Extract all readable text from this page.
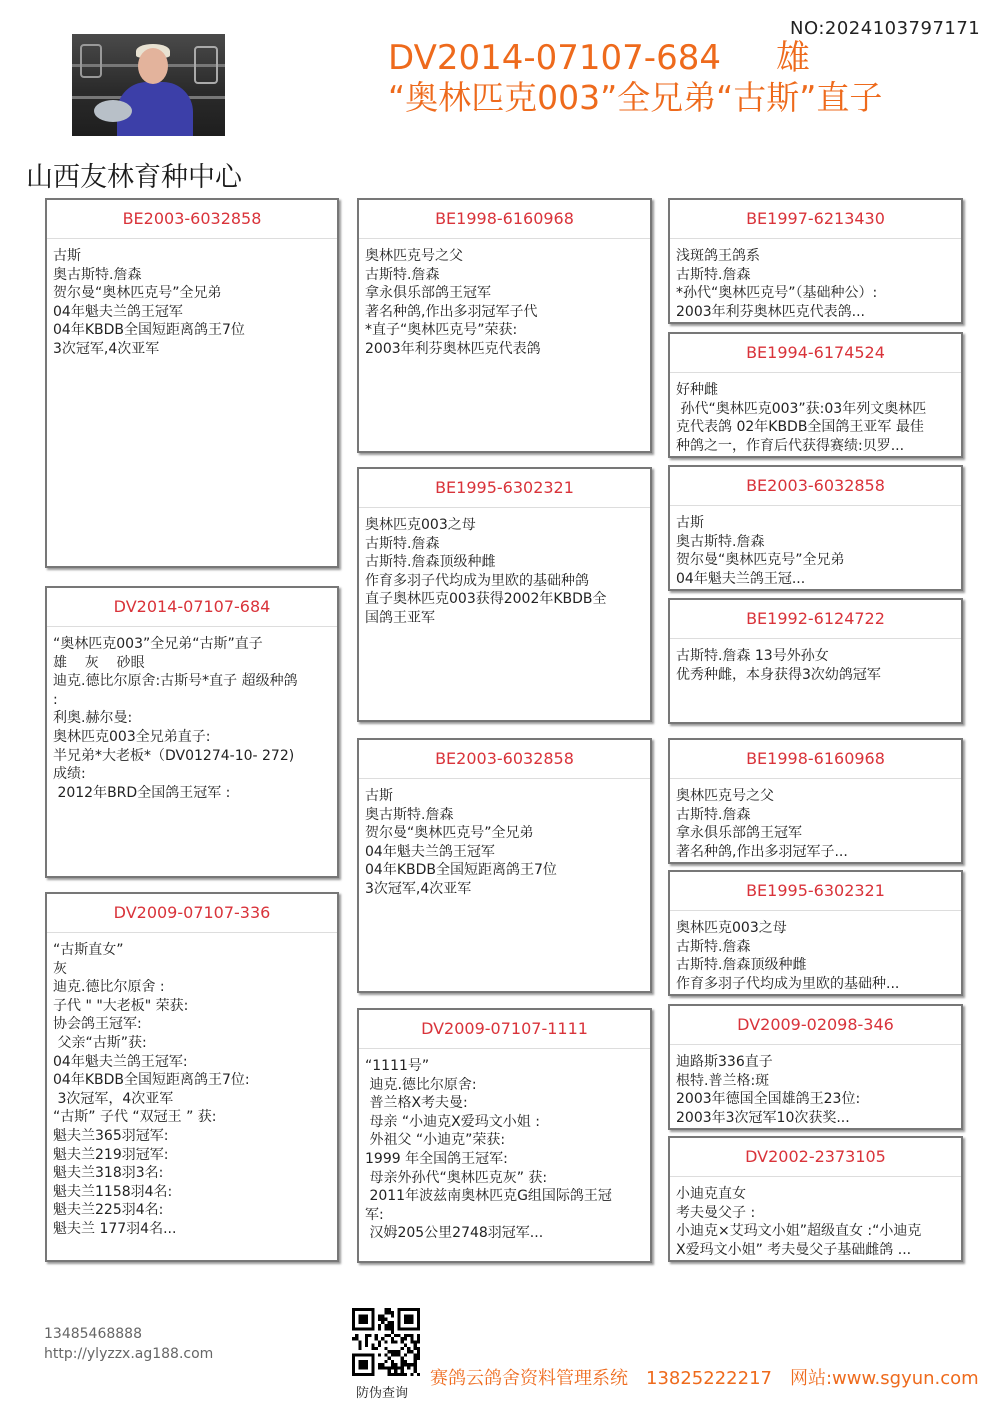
NO:2024103797171
DV2014-07107-684 雄
“奥林匹克003”全兄弟“古斯”直子
山西友林育种中心
BE2003-6032858
古斯
奥古斯特.詹森
贺尔曼“奥林匹克号”全兄弟
04年魁夫兰鸽王冠军
04年KBDB全国短距离鸽王7位
3次冠军,4次亚军
DV2014-07107-684
“奥林匹克003”全兄弟“古斯”直子
雄    灰    砂眼
迪克.德比尔原舍:古斯号*直子 超级种鸽
:
利奥.赫尔曼:
奥林匹克003全兄弟直子:
半兄弟*大老板*（DV01274-10- 272)
成绩:
2012年BRD全国鸽王冠军 :
DV2009-07107-336
“古斯直女”
灰
迪克.德比尔原舍 :
子代 " "大老板" 荣获:
协会鸽王冠军:
父亲“古斯”获:
04年魁夫兰鸽王冠军:
04年KBDB全国短距离鸽王7位:
3次冠军，4次亚军
“古斯” 子代 “双冠王 ” 获:
魁夫兰365羽冠军:
魁夫兰219羽冠军:
魁夫兰318羽3名:
魁夫兰1158羽4名:
魁夫兰225羽4名:
魁夫兰 177羽4名...
BE1998-6160968
奥林匹克号之父
古斯特.詹森
拿永俱乐部鸽王冠军
著名种鸽,作出多羽冠军子代
*直子“奥林匹克号”荣获:
2003年利芬奥林匹克代表鸽
BE1995-6302321
奥林匹克003之母
古斯特.詹森
古斯特.詹森顶级种雌
作育多羽子代均成为里欧的基础种鸽
直子奥林匹克003获得2002年KBDB全
国鸽王亚军
BE2003-6032858
古斯
奥古斯特.詹森
贺尔曼“奥林匹克号”全兄弟
04年魁夫兰鸽王冠军
04年KBDB全国短距离鸽王7位
3次冠军,4次亚军
DV2009-07107-1111
“1111号”
迪克.德比尔原舍:
普兰格X考夫曼:
母亲 “小迪克X爱玛文小姐 :
外祖父 “小迪克”荣获:
1999 年全国鸽王冠军:
母亲外孙代“奥林匹克灰” 获:
2011年波兹南奥林匹克G组国际鸽王冠
军:
汉姆205公里2748羽冠军...
BE1997-6213430
浅斑鸽王鸽系
古斯特.詹森
*孙代“奥林匹克号”（基础种公）:
2003年利芬奥林匹克代表鸽...
BE1994-6174524
好种雌
孙代“奥林匹克003”获:03年列文奥林匹
克代表鸽 02年KBDB全国鸽王亚军 最佳
种鸽之一，作育后代获得赛绩:贝罗...
BE2003-6032858
古斯
奥古斯特.詹森
贺尔曼“奥林匹克号”全兄弟
04年魁夫兰鸽王冠...
BE1992-6124722
古斯特.詹森 13号外孙女
优秀种雌，本身获得3次幼鸽冠军
BE1998-6160968
奥林匹克号之父
古斯特.詹森
拿永俱乐部鸽王冠军
著名种鸽,作出多羽冠军子...
BE1995-6302321
奥林匹克003之母
古斯特.詹森
古斯特.詹森顶级种雌
作育多羽子代均成为里欧的基础种...
DV2009-02098-346
迪路斯336直子
根特.普兰格:斑
2003年德国全国雄鸽王23位:
2003年3次冠军10次获奖...
DV2002-2373105
小迪克直女
考夫曼父子 :
小迪克×艾玛文小姐”超级直女 :“小迪克
X爱玛文小姐” 考夫曼父子基础雌鸽 ...
13485468888
http://ylyzzx.ag188.com
防伪查询
赛鸽云鸽舍资料管理系统 13825222217 网站:www.sgyun.com
